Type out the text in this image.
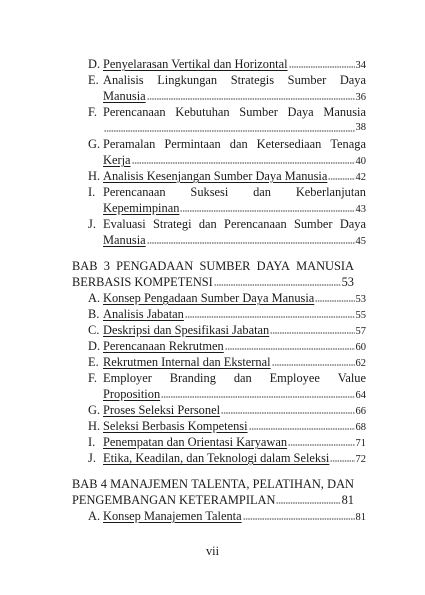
D. Penyelarasan Vertikal dan Horizontal	34
E. Analisis Lingkungan Strategis Sumber Daya
Manusia	36
F. Perencanaan Kebutuhan Sumber Daya Manusia
38
G. Peramalan Permintaan dan Ketersediaan Tenaga
Kerja	40
H. Analisis Kesenjangan Sumber Daya Manusia	42
I. Perencanaan Suksesi dan Keberlanjutan
Kepemimpinan	43
J. Evaluasi Strategi dan Perencanaan Sumber Daya
Manusia	45
BAB 3 PENGADAAN SUMBER DAYA MANUSIA
BERBASIS KOMPETENSI	53
A. Konsep Pengadaan Sumber Daya Manusia	53
B. Analisis Jabatan	55
C. Deskripsi dan Spesifikasi Jabatan	57
D. Perencanaan Rekrutmen	60
E. Rekrutmen Internal dan Eksternal	62
F. Employer Branding dan Employee Value
Proposition	64
G. Proses Seleksi Personel	66
H. Seleksi Berbasis Kompetensi	68
I. Penempatan dan Orientasi Karyawan	71
J. Etika, Keadilan, dan Teknologi dalam Seleksi 72
BAB 4 MANAJEMEN TALENTA, PELATIHAN, DAN
PENGEMBANGAN KETERAMPILAN	81
A. Konsep Manajemen Talenta	81
vii
